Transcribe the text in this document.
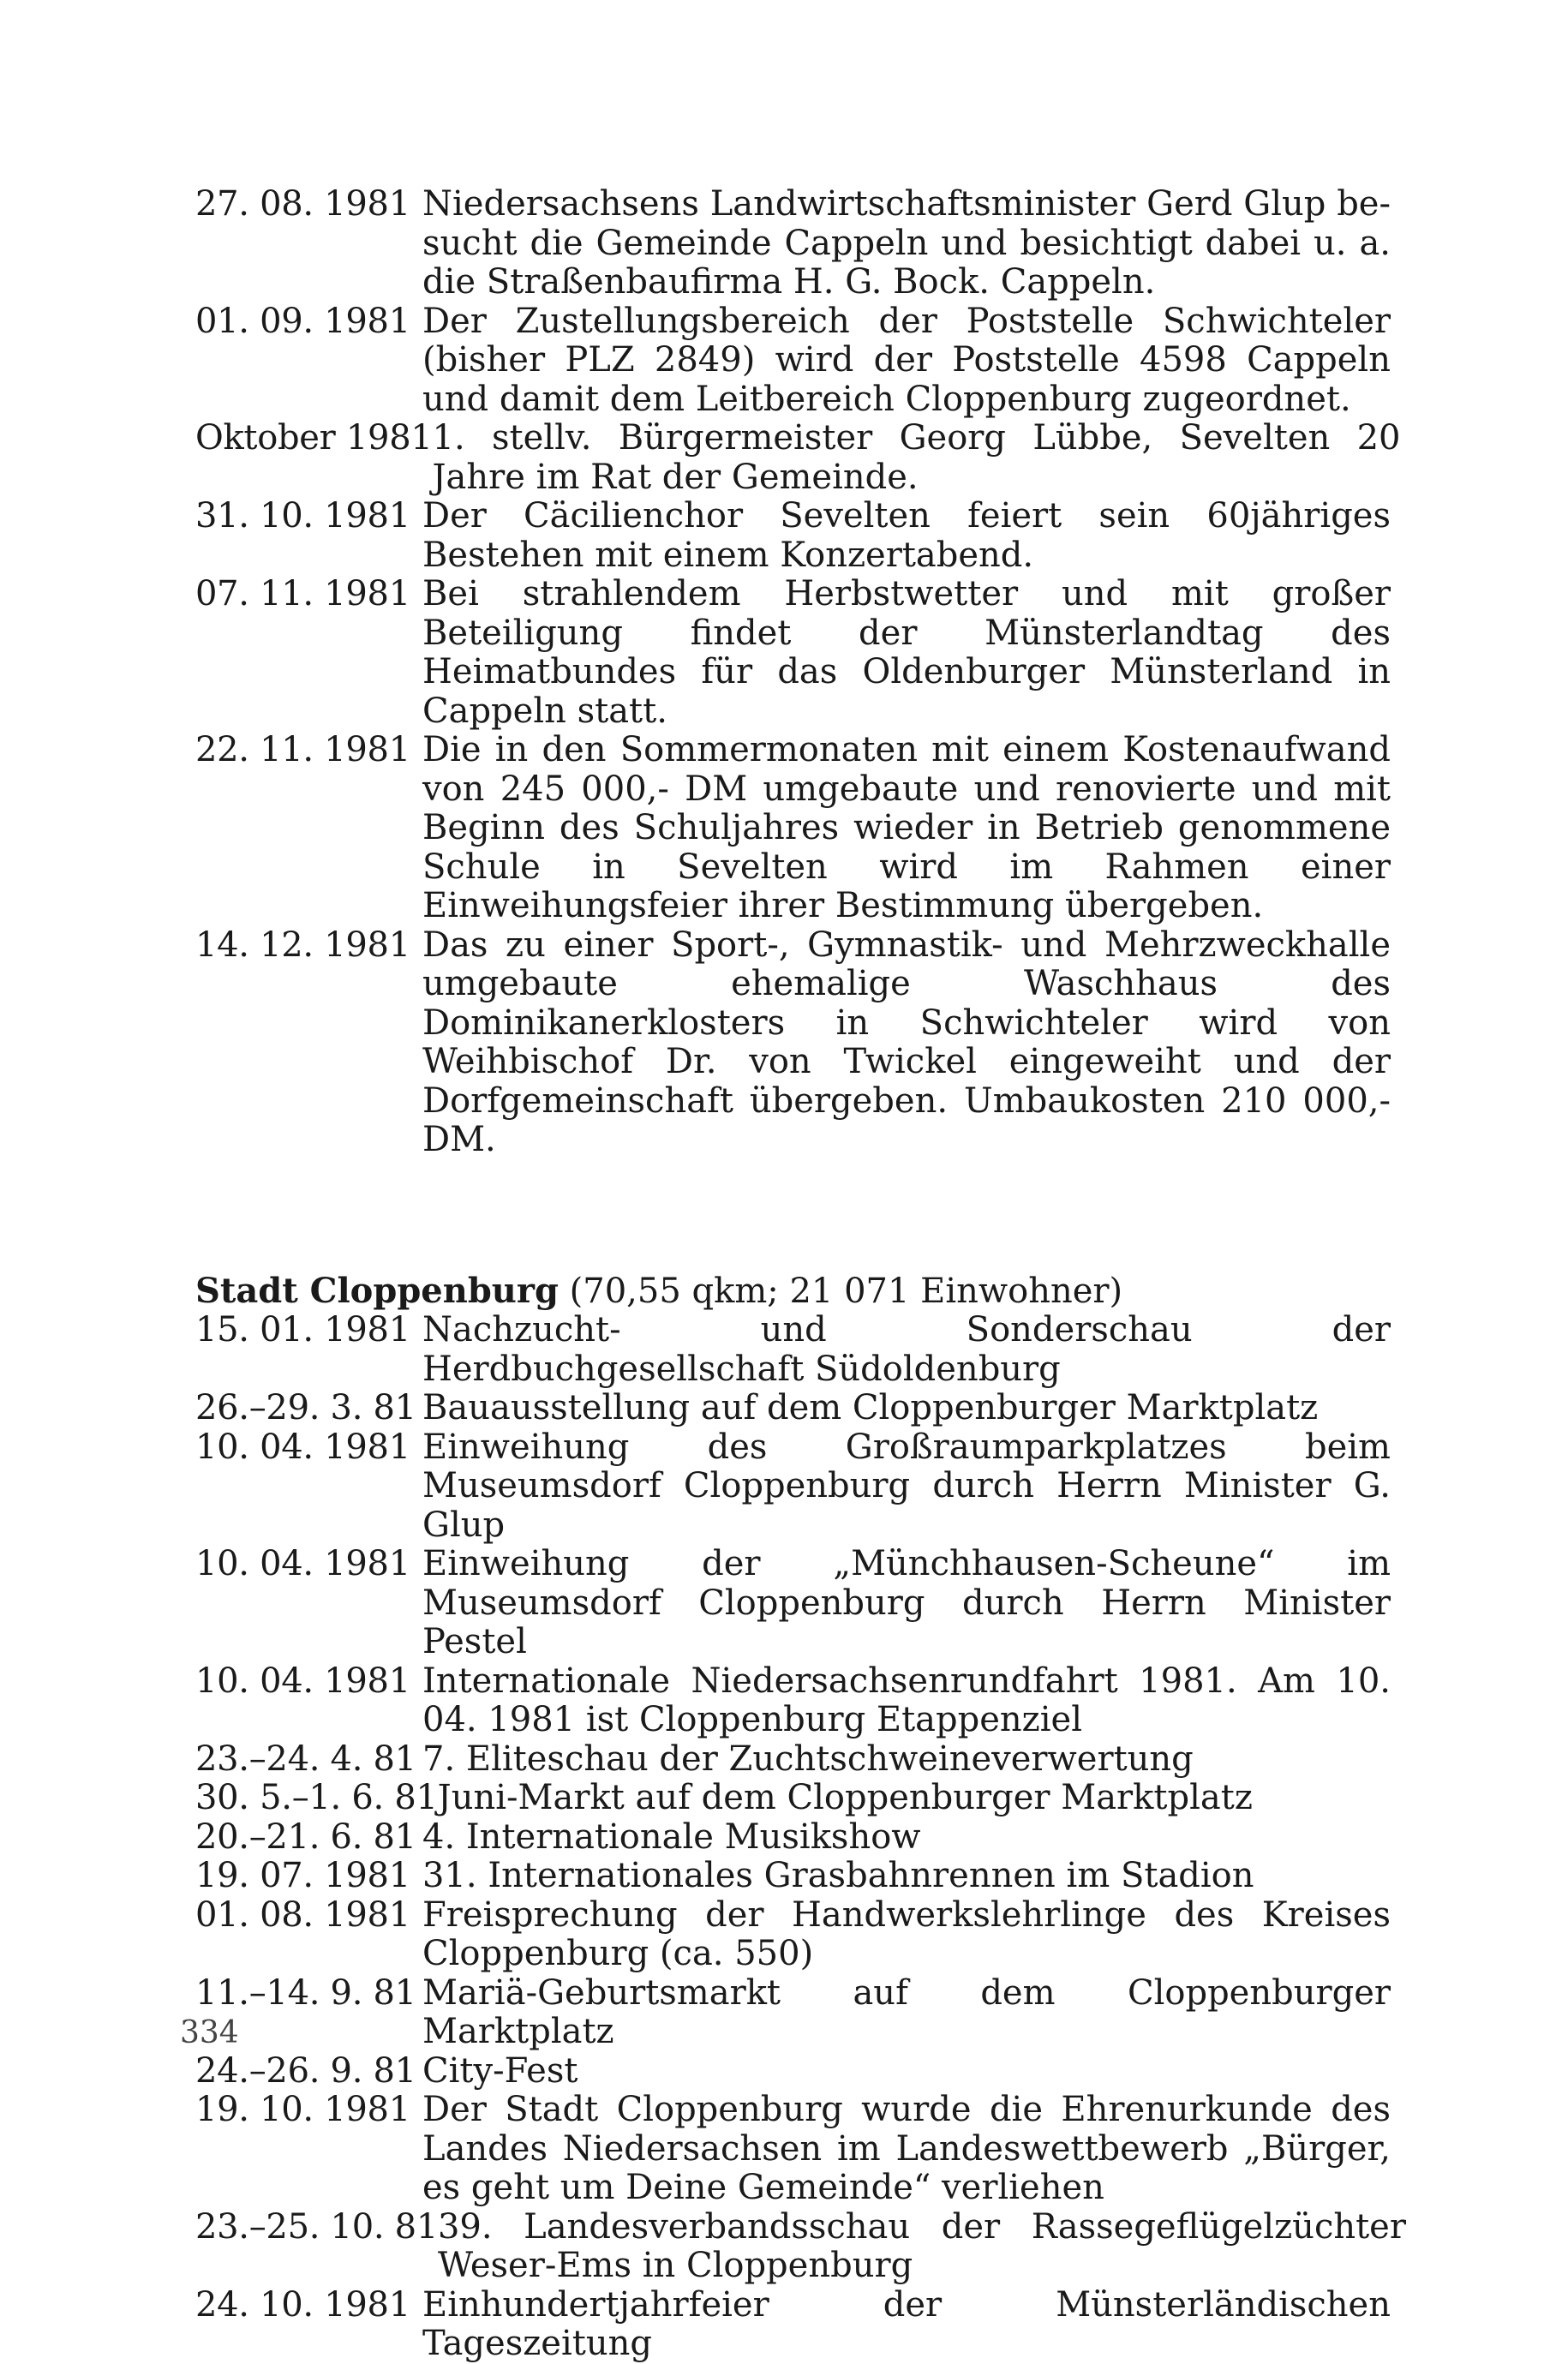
27. 08. 1981 Niedersachsens Landwirtschaftsminister Gerd Glup besucht die Gemeinde Cappeln und besichtigt dabei u. a. die Straßenbaufirma H. G. Bock. Cappeln.
01. 09. 1981 Der Zustellungsbereich der Poststelle Schwichteler (bisher PLZ 2849) wird der Poststelle 4598 Cappeln und damit dem Leitbereich Cloppenburg zugeordnet.
Oktober 1981 1. stellv. Bürgermeister Georg Lübbe, Sevelten 20 Jahre im Rat der Gemeinde.
31. 10. 1981 Der Cäcilienchor Sevelten feiert sein 60jähriges Bestehen mit einem Konzertabend.
07. 11. 1981 Bei strahlendem Herbstwetter und mit großer Beteiligung findet der Münsterlandtag des Heimatbundes für das Oldenburger Münsterland in Cappeln statt.
22. 11. 1981 Die in den Sommermonaten mit einem Kostenaufwand von 245 000,- DM umgebaute und renovierte und mit Beginn des Schuljahres wieder in Betrieb genommene Schule in Sevelten wird im Rahmen einer Einweihungsfeier ihrer Bestimmung übergeben.
14. 12. 1981 Das zu einer Sport-, Gymnastik- und Mehrzweckhalle umgebaute ehemalige Waschhaus des Dominikanerklosters in Schwichteler wird von Weihbischof Dr. von Twickel eingeweiht und der Dorfgemeinschaft übergeben. Umbaukosten 210 000,- DM.
Stadt Cloppenburg (70,55 qkm; 21 071 Einwohner)
15. 01. 1981 Nachzucht- und Sonderschau der Herdbuchgesellschaft Südoldenburg
26.–29. 3. 81 Bauausstellung auf dem Cloppenburger Marktplatz
10. 04. 1981 Einweihung des Großraumparkplatzes beim Museumsdorf Cloppenburg durch Herrn Minister G. Glup
10. 04. 1981 Einweihung der „Münchhausen-Scheune“ im Museumsdorf Cloppenburg durch Herrn Minister Pestel
10. 04. 1981 Internationale Niedersachsenrundfahrt 1981. Am 10. 04. 1981 ist Cloppenburg Etappenziel
23.–24. 4. 81 7. Eliteschau der Zuchtschweineverwertung
30. 5.–1. 6. 81 Juni-Markt auf dem Cloppenburger Marktplatz
20.–21. 6. 81 4. Internationale Musikshow
19. 07. 1981 31. Internationales Grasbahnrennen im Stadion
01. 08. 1981 Freisprechung der Handwerkslehrlinge des Kreises Cloppenburg (ca. 550)
11.–14. 9. 81 Mariä-Geburtsmarkt auf dem Cloppenburger Marktplatz
24.–26. 9. 81 City-Fest
19. 10. 1981 Der Stadt Cloppenburg wurde die Ehrenurkunde des Landes Niedersachsen im Landeswettbewerb „Bürger, es geht um Deine Gemeinde“ verliehen
23.–25. 10. 81 39. Landesverbandsschau der Rassegeflügelzüchter Weser-Ems in Cloppenburg
24. 10. 1981 Einhundertjahrfeier der Münsterländischen Tageszeitung
334
